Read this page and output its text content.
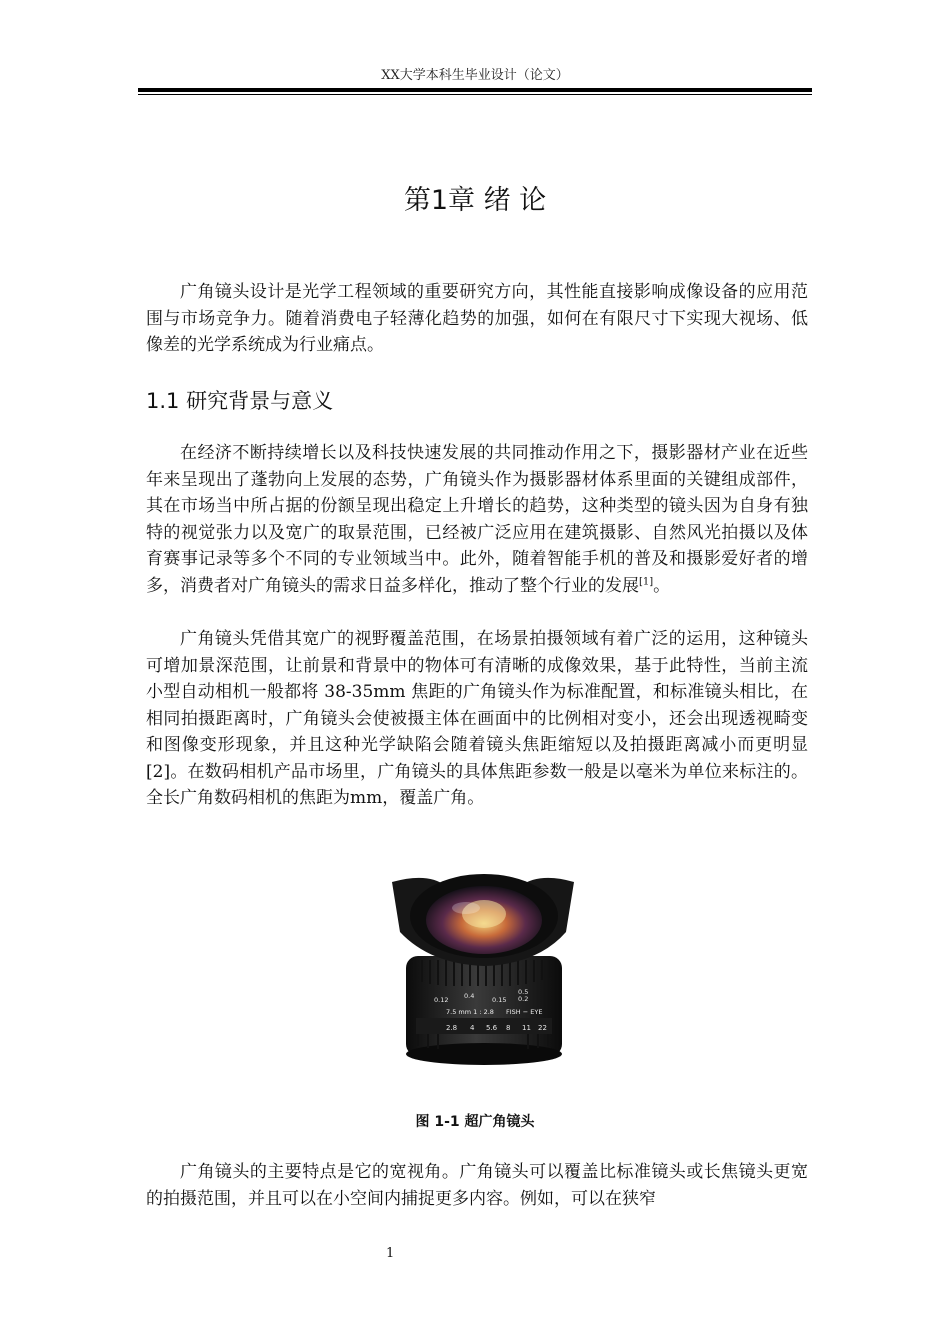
XX大学本科生毕业设计（论文）
第1章 绪 论

广角镜头设计是光学工程领域的重要研究方向，其性能直接影响成像设备的应用范围与市场竞争力。随着消费电子轻薄化趋势的加强，如何在有限尺寸下实现大视场、低像差的光学系统成为行业痛点。

1.1 研究背景与意义

在经济不断持续增长以及科技快速发展的共同推动作用之下，摄影器材产业在近些年来呈现出了蓬勃向上发展的态势，广角镜头作为摄影器材体系里面的关键组成部件，其在市场当中所占据的份额呈现出稳定上升增长的趋势，这种类型的镜头因为自身有独特的视觉张力以及宽广的取景范围，已经被广泛应用在建筑摄影、自然风光拍摄以及体育赛事记录等多个不同的专业领域当中。此外，随着智能手机的普及和摄影爱好者的增多，消费者对广角镜头的需求日益多样化，推动了整个行业的发展[1]。

广角镜头凭借其宽广的视野覆盖范围，在场景拍摄领域有着广泛的运用，这种镜头可增加景深范围，让前景和背景中的物体可有清晰的成像效果，基于此特性，当前主流小型自动相机一般都将 38-35mm 焦距的广角镜头作为标准配置，和标准镜头相比，在相同拍摄距离时，广角镜头会使被摄主体在画面中的比例相对变小，还会出现透视畸变和图像变形现象，并且这种光学缺陷会随着镜头焦距缩短以及拍摄距离减小而更明显[2]。在数码相机产品市场里，广角镜头的具体焦距参数一般是以毫米为单位来标注的。全长广角数码相机的焦距为mm，覆盖广角。

0.12 0.4	0.15
0.5
0.2
7.5 mm 1 : 2.8 FISH − EYE
2.8 4 5.6 8 11 22
图 1-1 超广角镜头

广角镜头的主要特点是它的宽视角。广角镜头可以覆盖比标准镜头或长焦镜头更宽的拍摄范围，并且可以在小空间内捕捉更多内容。例如，可以在狭窄

1
